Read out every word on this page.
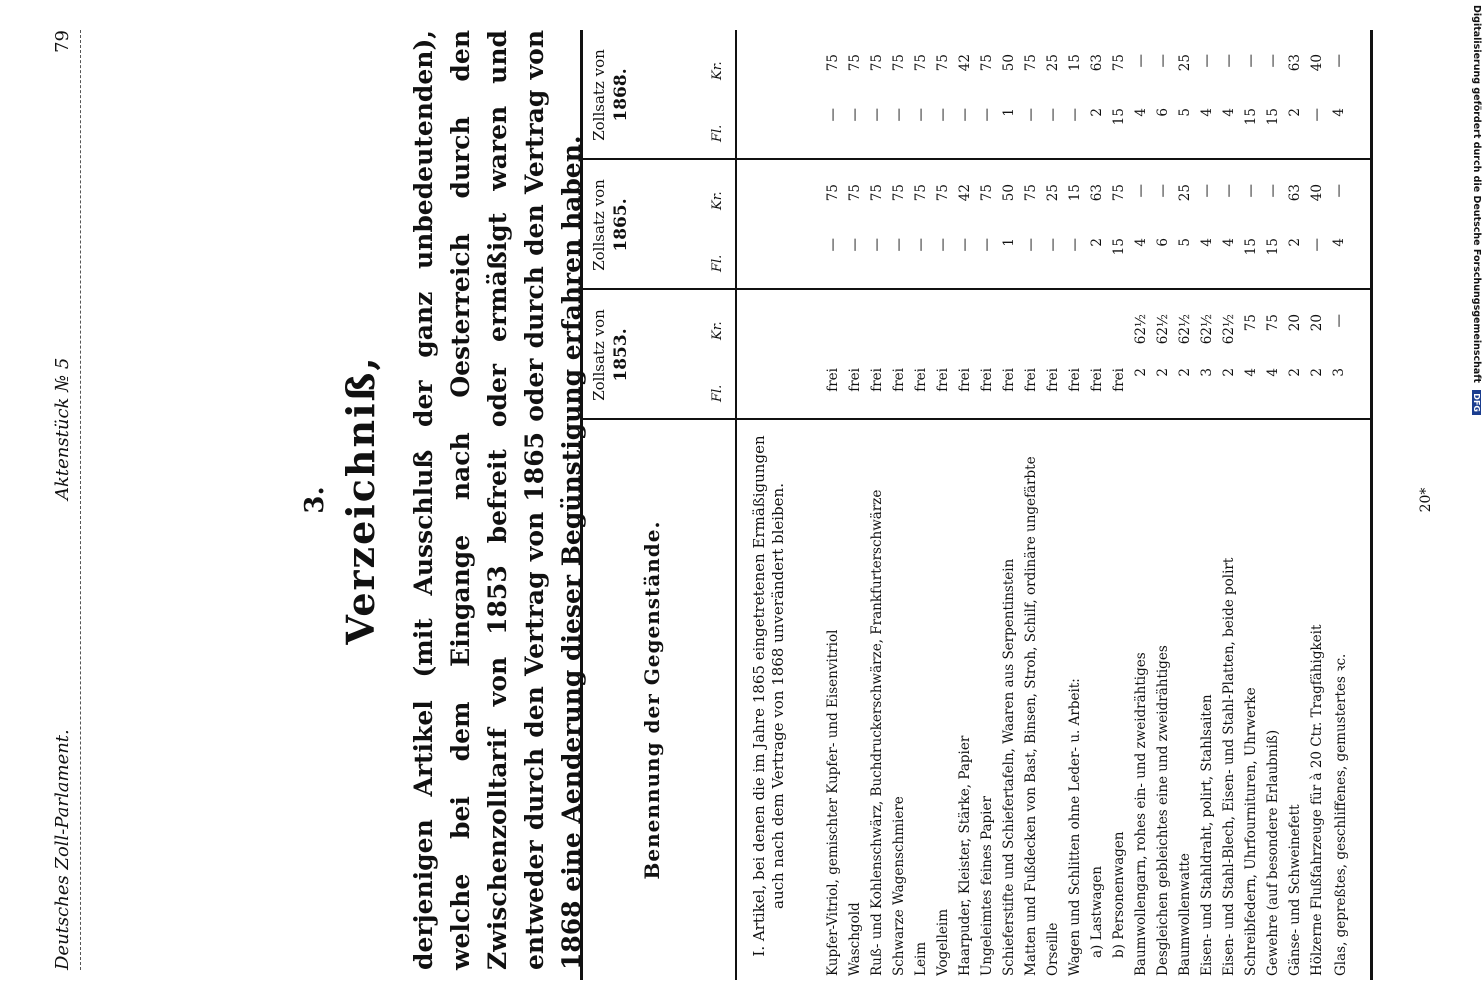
Deutsches Zoll-Parlament.
Aktenstück № 5
79
3. Verzeichniß, derjenigen Artikel (mit Ausschluß der ganz unbedeutenden), welche bei dem Eingange nach Oesterreich durch den Zwischenzolltarif von 1853 befreit oder ermäßigt waren und entweder durch den Vertrag von 1865 oder durch den Vertrag von 1868 eine Aenderung dieser Begünstigung erfahren haben.	Benennung der Gegenstände.
Zollsatz von 1853.
Zollsatz von 1865.
Zollsatz von 1868.
Fl.
Kr.
Fl.
Kr.
Fl.
Kr.
I. Artikel, bei denen die im Jahre 1865 eingetretenen Ermäßigungen auch nach dem Vertrage von 1868 unverändert bleiben.	Kupfer-Vitriol, gemischter Kupfer- und Eisenvitriol
frei
—
75
—
75
Waschgold
frei
—
75
—
75
Ruß- und Kohlenschwärz, Buchdruckerschwärze, Frankfurterschwärze
frei
—
75
—
75
Schwarze Wagenschmiere
frei
—
75
—
75
Leim
frei
—
75
—
75
Vogelleim
frei
—
75
—
75
Haarpuder, Kleister, Stärke, Papier
frei
—
42
—
42
Ungeleimtes feines Papier
frei
—
75
—
75
Schieferstifte und Schiefertafeln, Waaren aus Serpentinstein
frei
1
50
1
50
Matten und Fußdecken von Bast, Binsen, Stroh, Schilf, ordinäre ungefärbte
frei
—
75
—
75
Orseille
frei
—
25
—
25
Wagen und Schlitten ohne Leder- u. Arbeit:
frei
—
15
—
15
a) Lastwagen
frei
2
63
2
63
b) Personenwagen
frei
15
75
15
75
Baumwollengarn, rohes ein- und zweidrähtiges
2
62½
4
—
4
—
Desgleichen gebleichtes eine und zweidrähtiges
2
62½
6
—
6
—
Baumwollenwatte
2
62½
5
25
5
25
Eisen- und Stahldraht, polirt, Stahlsaiten
3
62½
4
—
4
—
Eisen- und Stahl-Blech, Eisen- und Stahl-Platten, beide polirt
2
62½
4
—
4
—
Schreibfedern, Uhrfournituren, Uhrwerke
4
75
15
—
15
—
Gewehre (auf besondere Erlaubniß)
4
75
15
—
15
—
Gänse- und Schweinefett
2
20
2
63
2
63
Hölzerne Flußfahrzeuge für à 20 Ctr. Tragfähigkeit
2
20
—
40
—
40
Glas, gepreßtes, geschliffenes, gemustertes ꝛc.
3
—
4
—
4
—
20*
Digitalisierung gefördert durch die Deutsche Forschungsgemeinschaft DFG
